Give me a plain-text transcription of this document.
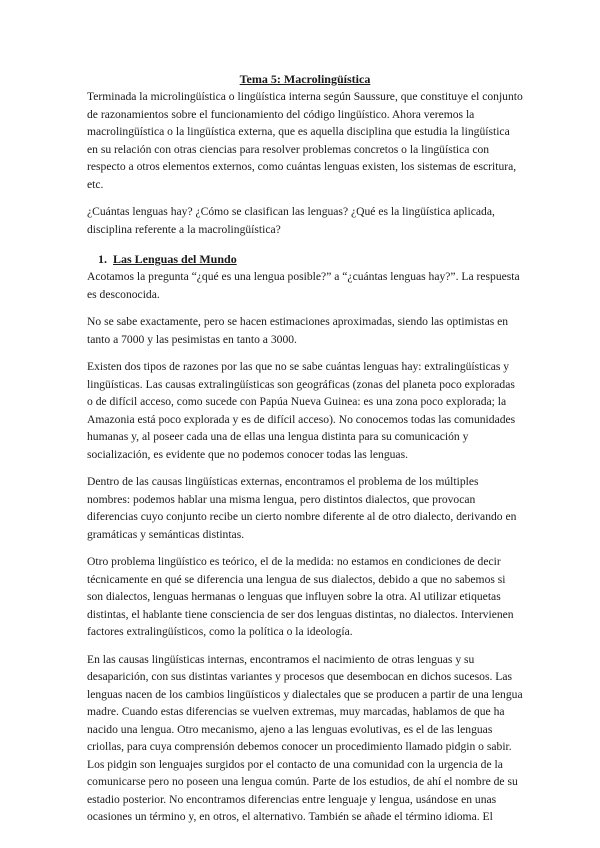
Tema 5: Macrolingüística

Terminada la microlingüística o lingüística interna según Saussure, que constituye el conjunto de razonamientos sobre el funcionamiento del código lingüístico. Ahora veremos la macrolingüística o la lingüística externa, que es aquella disciplina que estudia la lingüística en su relación con otras ciencias para resolver problemas concretos o la lingüística con respecto a otros elementos externos, como cuántas lenguas existen, los sistemas de escritura, etc.

¿Cuántas lenguas hay? ¿Cómo se clasifican las lenguas? ¿Qué es la lingüística aplicada, disciplina referente a la macrolingüística?

1. Las Lenguas del Mundo

Acotamos la pregunta “¿qué es una lengua posible?” a “¿cuántas lenguas hay?”. La respuesta es desconocida.

No se sabe exactamente, pero se hacen estimaciones aproximadas, siendo las optimistas en tanto a 7000 y las pesimistas en tanto a 3000.

Existen dos tipos de razones por las que no se sabe cuántas lenguas hay: extralingüísticas y lingüísticas. Las causas extralingüísticas son geográficas (zonas del planeta poco exploradas o de difícil acceso, como sucede con Papúa Nueva Guinea: es una zona poco explorada; la Amazonia está poco explorada y es de difícil acceso). No conocemos todas las comunidades humanas y, al poseer cada una de ellas una lengua distinta para su comunicación y socialización, es evidente que no podemos conocer todas las lenguas.

Dentro de las causas lingüísticas externas, encontramos el problema de los múltiples nombres: podemos hablar una misma lengua, pero distintos dialectos, que provocan diferencias cuyo conjunto recibe un cierto nombre diferente al de otro dialecto, derivando en gramáticas y semánticas distintas.

Otro problema lingüístico es teórico, el de la medida: no estamos en condiciones de decir técnicamente en qué se diferencia una lengua de sus dialectos, debido a que no sabemos si son dialectos, lenguas hermanas o lenguas que influyen sobre la otra. Al utilizar etiquetas distintas, el hablante tiene consciencia de ser dos lenguas distintas, no dialectos. Intervienen factores extralingüísticos, como la política o la ideología.

En las causas lingüísticas internas, encontramos el nacimiento de otras lenguas y su desaparición, con sus distintas variantes y procesos que desembocan en dichos sucesos. Las lenguas nacen de los cambios lingüísticos y dialectales que se producen a partir de una lengua madre. Cuando estas diferencias se vuelven extremas, muy marcadas, hablamos de que ha nacido una lengua. Otro mecanismo, ajeno a las lenguas evolutivas, es el de las lenguas criollas, para cuya comprensión debemos conocer un procedimiento llamado pidgin o sabir. Los pidgin son lenguajes surgidos por el contacto de una comunidad con la urgencia de la comunicarse pero no poseen una lengua común. Parte de los estudios, de ahí el nombre de su estadio posterior. No encontramos diferencias entre lenguaje y lengua, usándose en unas ocasiones un término y, en otros, el alternativo. También se añade el término idioma. El
